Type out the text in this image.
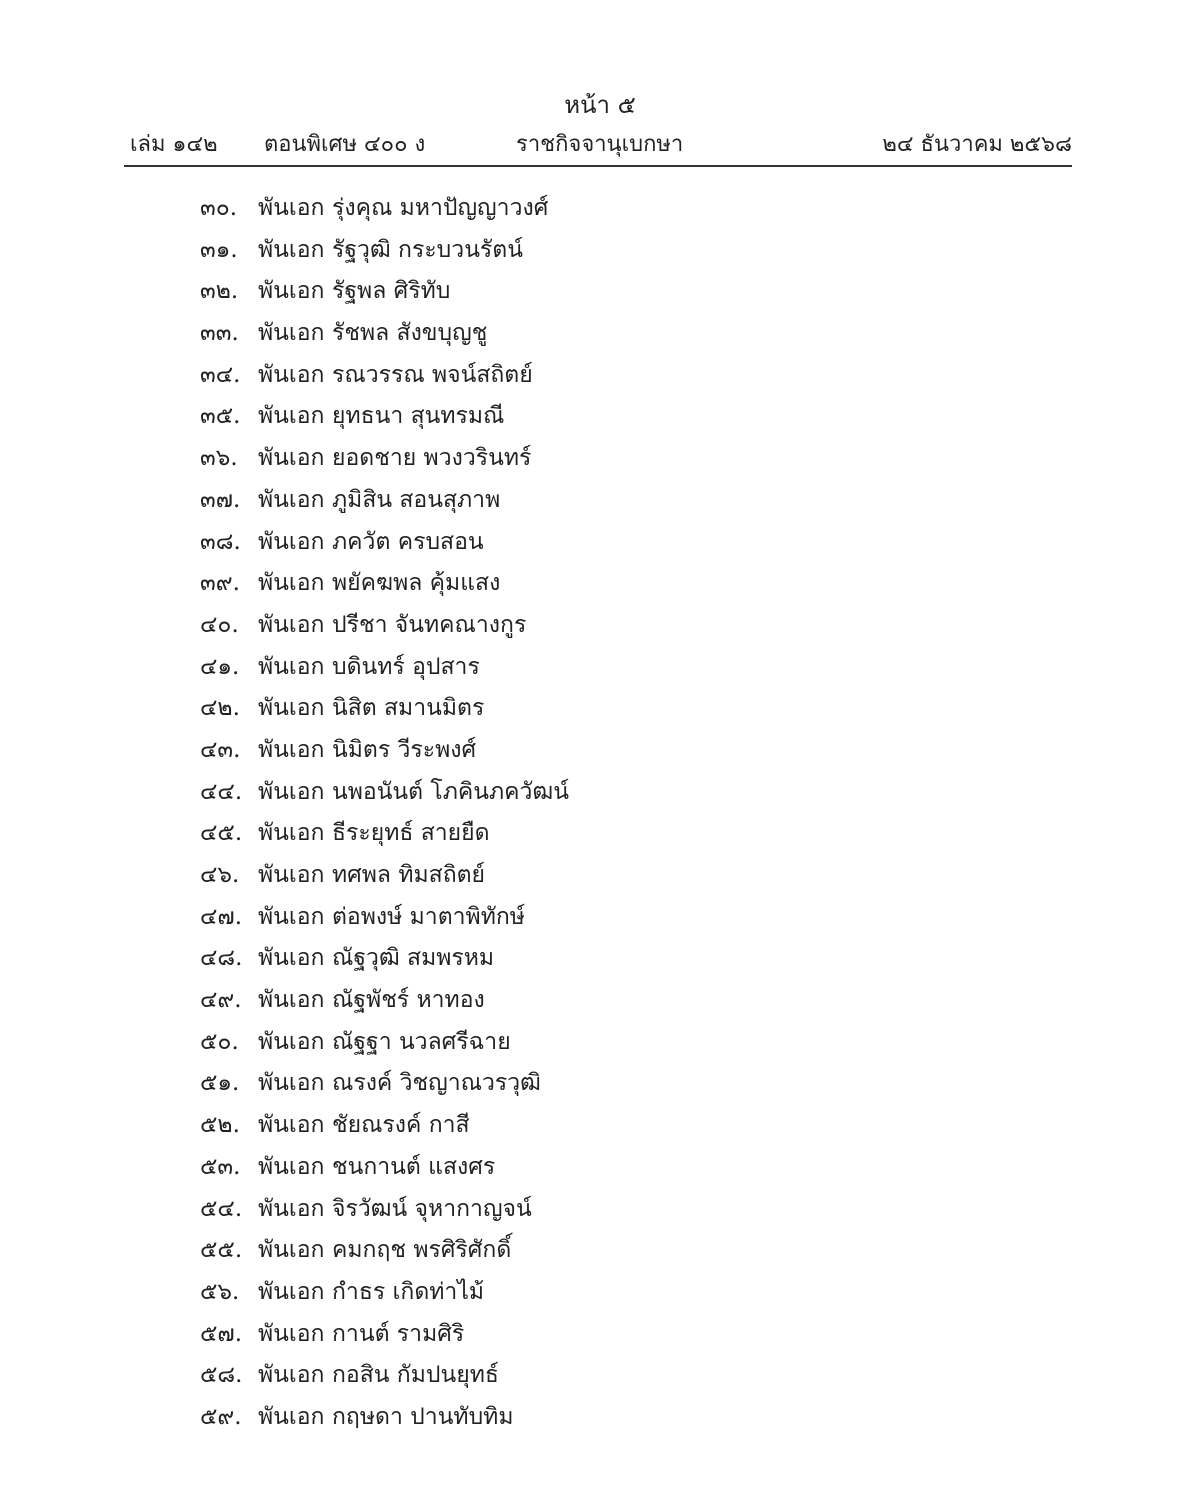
หน้า ๕
เล่ม ๑๔๒ ตอนพิเศษ ๔๐๐ ง	ราชกิจจานุเบกษา	๒๔ ธันวาคม ๒๕๖๘
๓๐. พันเอก รุ่งคุณ มหาปัญญาวงศ์
๓๑. พันเอก รัฐวุฒิ กระบวนรัตน์
๓๒. พันเอก รัฐพล ศิริทับ
๓๓. พันเอก รัชพล สังขบุญชู
๓๔. พันเอก รณวรรณ พจน์สถิตย์
๓๕. พันเอก ยุทธนา สุนทรมณี
๓๖. พันเอก ยอดชาย พวงวรินทร์
๓๗. พันเอก ภูมิสิน สอนสุภาพ
๓๘. พันเอก ภควัต ครบสอน
๓๙. พันเอก พยัคฆพล คุ้มแสง
๔๐. พันเอก ปรีชา จันทคณางกูร
๔๑. พันเอก บดินทร์ อุปสาร
๔๒. พันเอก นิสิต สมานมิตร
๔๓. พันเอก นิมิตร วีระพงศ์
๔๔. พันเอก นพอนันต์ โภคินภควัฒน์
๔๕. พันเอก ธีระยุทธ์ สายยืด
๔๖. พันเอก ทศพล ทิมสถิตย์
๔๗. พันเอก ต่อพงษ์ มาตาพิทักษ์
๔๘. พันเอก ณัฐวุฒิ สมพรหม
๔๙. พันเอก ณัฐพัชร์ หาทอง
๕๐. พันเอก ณัฐฐา นวลศรีฉาย
๕๑. พันเอก ณรงค์ วิชญาณวรวุฒิ
๕๒. พันเอก ชัยณรงค์ กาสี
๕๓. พันเอก ชนกานต์ แสงศร
๕๔. พันเอก จิรวัฒน์ จุหากาญจน์
๕๕. พันเอก คมกฤช พรศิริศักดิ์
๕๖. พันเอก กำธร เกิดท่าไม้
๕๗. พันเอก กานต์ รามศิริ
๕๘. พันเอก กอสิน กัมปนยุทธ์
๕๙. พันเอก กฤษดา ปานทับทิม
